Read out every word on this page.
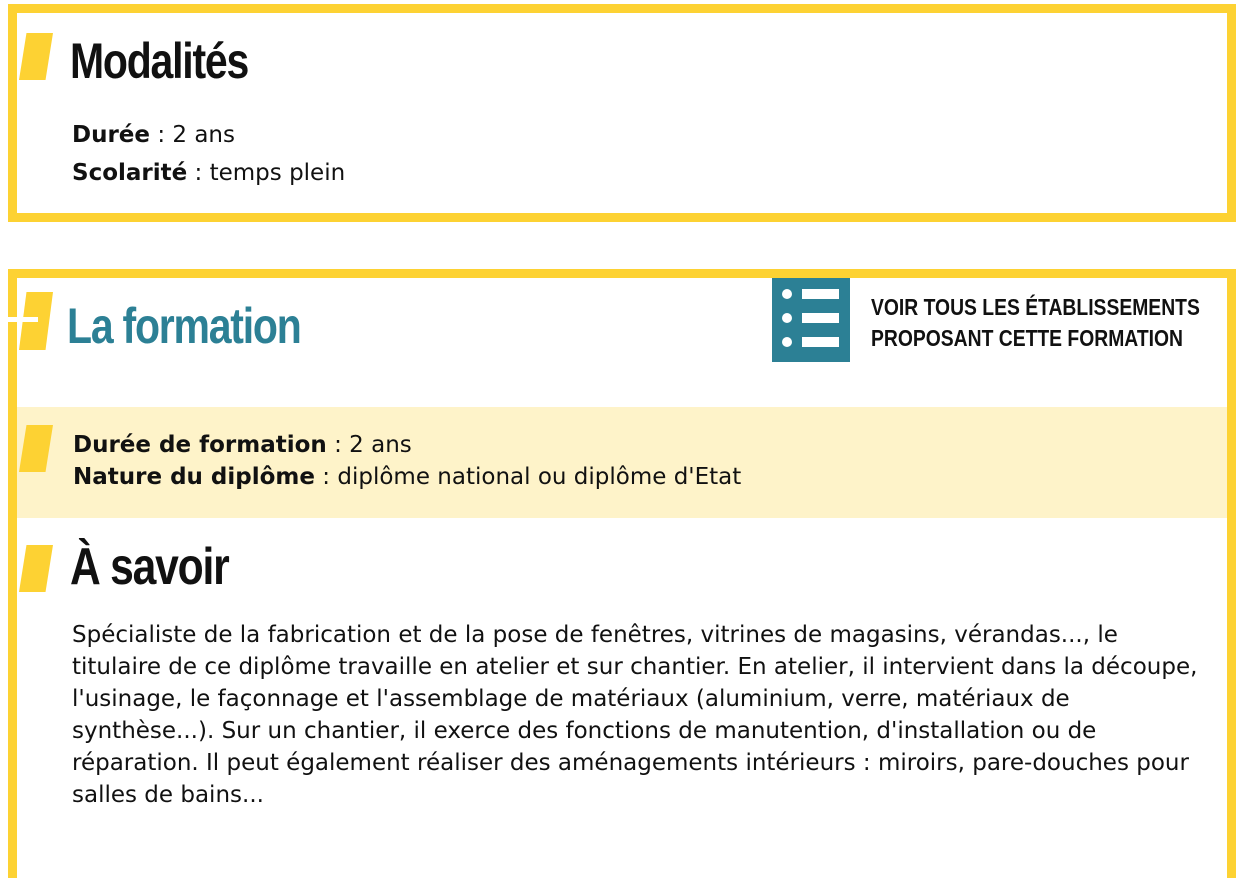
Modalités
Durée : 2 ans
Scolarité : temps plein
La formation	VOIR TOUS LES ÉTABLISSEMENTS
PROPOSANT CETTE FORMATION
Durée de formation : 2 ans
Nature du diplôme : diplôme national ou diplôme d'Etat
À savoir

Spécialiste de la fabrication et de la pose de fenêtres, vitrines de magasins, vérandas..., le titulaire de ce diplôme travaille en atelier et sur chantier. En atelier, il intervient dans la découpe, l'usinage, le façonnage et l'assemblage de matériaux (aluminium, verre, matériaux de synthèse...). Sur un chantier, il exerce des fonctions de manutention, d'installation ou de réparation. Il peut également réaliser des aménagements intérieurs : miroirs, pare-douches pour salles de bains...
